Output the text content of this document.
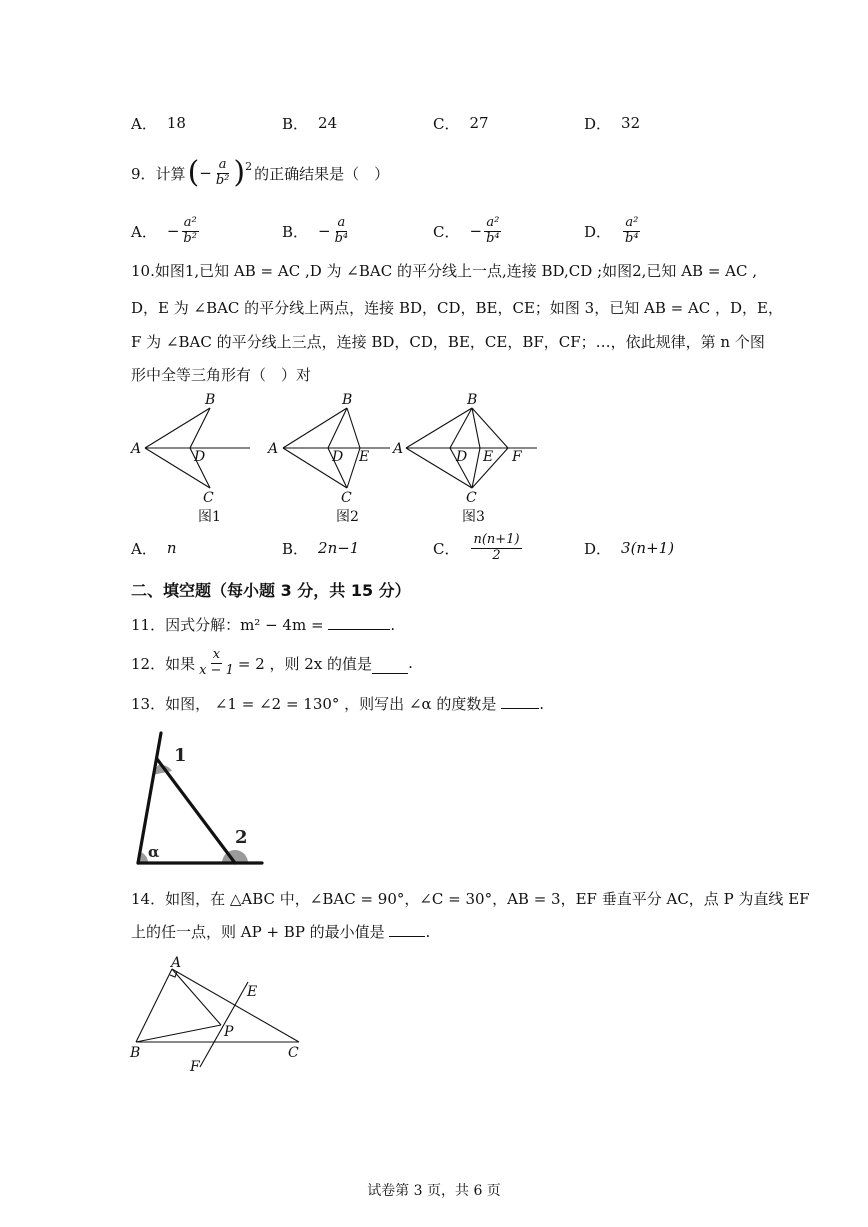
A． 18	B． 24	C． 27	D． 32
9． 计算 ( − $\frac{a}{\text{b²}} )^2$ 的正确结果是（　）
A． − $\frac{\text{a²}}{\text{b²}}$	B． − $\frac{a}{\text{b⁴}}$	C． − $\frac{\text{a²}}{\text{b⁴}}$	D． $\frac{\text{a²}}{\text{b⁴}}$
10.如图1,已知 AB = AC ,D 为 ∠BAC 的平分线上一点,连接 BD,CD ;如图2,已知 AB = AC ,
D，E 为 ∠BAC 的平分线上两点，连接 BD，CD，BE，CE；如图 3，已知 AB = AC ，D，E，
F 为 ∠BAC 的平分线上三点，连接 BD，CD，BE，CE，BF，CF；…，依此规律，第 n 个图
形中全等三角形有（　）对
A
B
D
C
A
B
D E
C
A
B
D E F
C
图1	图2	图3
A． n	B． 2n−1	C． $\frac{n(n+1)}{2}$	D． 3(n+1)
二、填空题（每小题 3 分，共 15 分）
11．因式分解：m² − 4m =	.
12．如果 $\frac{x}{x - 1} = 2$ ，则 2x 的值是 .
13．如图， ∠1 = ∠2 = 130° ，则写出 ∠α 的度数是	.
1
2
α
14．如图，在 △ABC 中，∠BAC = 90°，∠C = 30°，AB = 3，EF 垂直平分 AC，点 P 为直线 EF
上的任一点，则 AP + BP 的最小值是	.
A
E
P
B	C
F
试卷第 3 页，共 6 页
